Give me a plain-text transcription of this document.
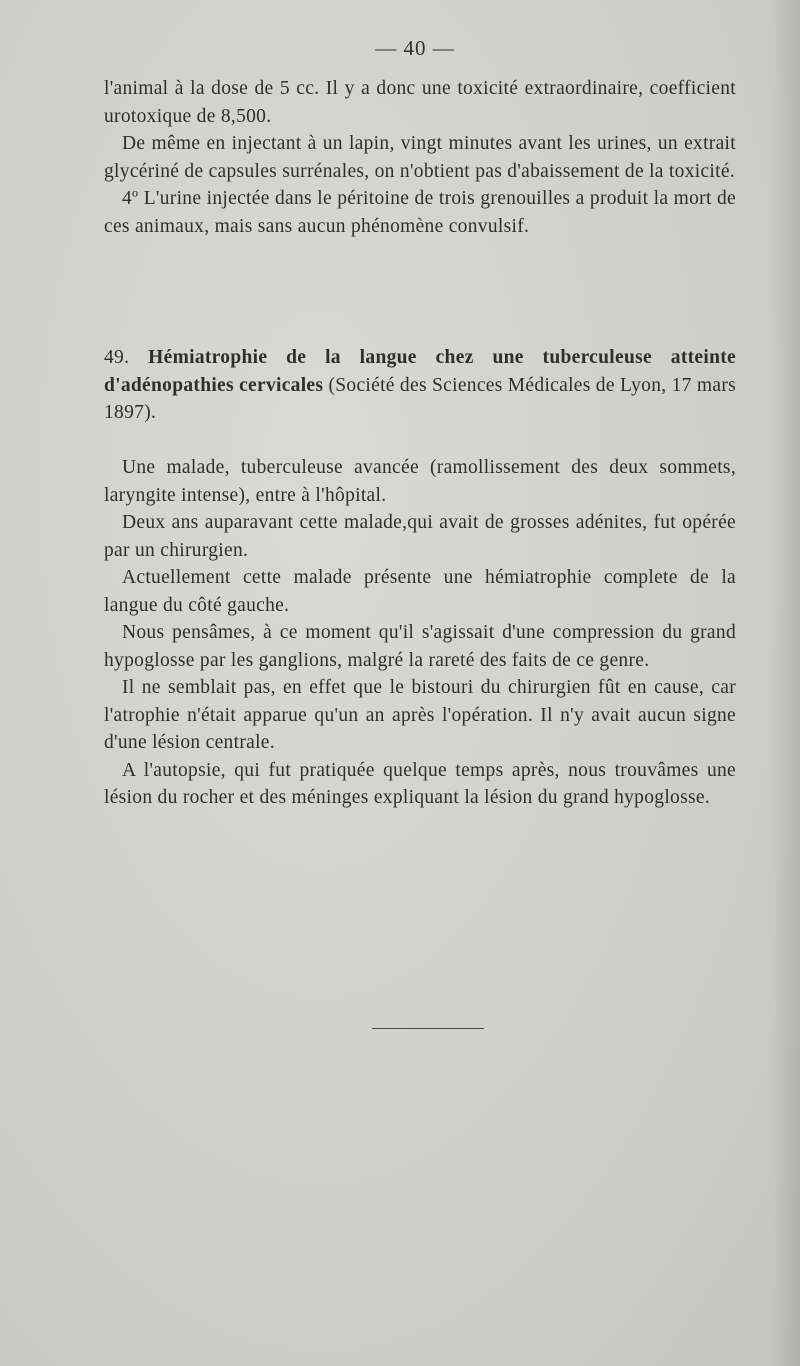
— 40 —

l'animal à la dose de 5 cc. Il y a donc une toxicité extraordinaire, coefficient urotoxique de 8,500.

De même en injectant à un lapin, vingt minutes avant les urines, un extrait glycériné de capsules surrénales, on n'obtient pas d'abaissement de la toxicité.

4º L'urine injectée dans le péritoine de trois grenouilles a produit la mort de ces animaux, mais sans aucun phénomène convulsif.

49. Hémiatrophie de la langue chez une tuberculeuse atteinte d'adénopathies cervicales (Société des Sciences Médicales de Lyon, 17 mars 1897).

Une malade, tuberculeuse avancée (ramollissement des deux sommets, laryngite intense), entre à l'hôpital.

Deux ans auparavant cette malade,qui avait de grosses adénites, fut opérée par un chirurgien.

Actuellement cette malade présente une hémiatrophie complete de la langue du côté gauche.

Nous pensâmes, à ce moment qu'il s'agissait d'une compression du grand hypoglosse par les ganglions, malgré la rareté des faits de ce genre.

Il ne semblait pas, en effet que le bistouri du chirurgien fût en cause, car l'atrophie n'était apparue qu'un an après l'opération. Il n'y avait aucun signe d'une lésion centrale.

A l'autopsie, qui fut pratiquée quelque temps après, nous trouvâmes une lésion du rocher et des méninges expliquant la lésion du grand hypoglosse.
